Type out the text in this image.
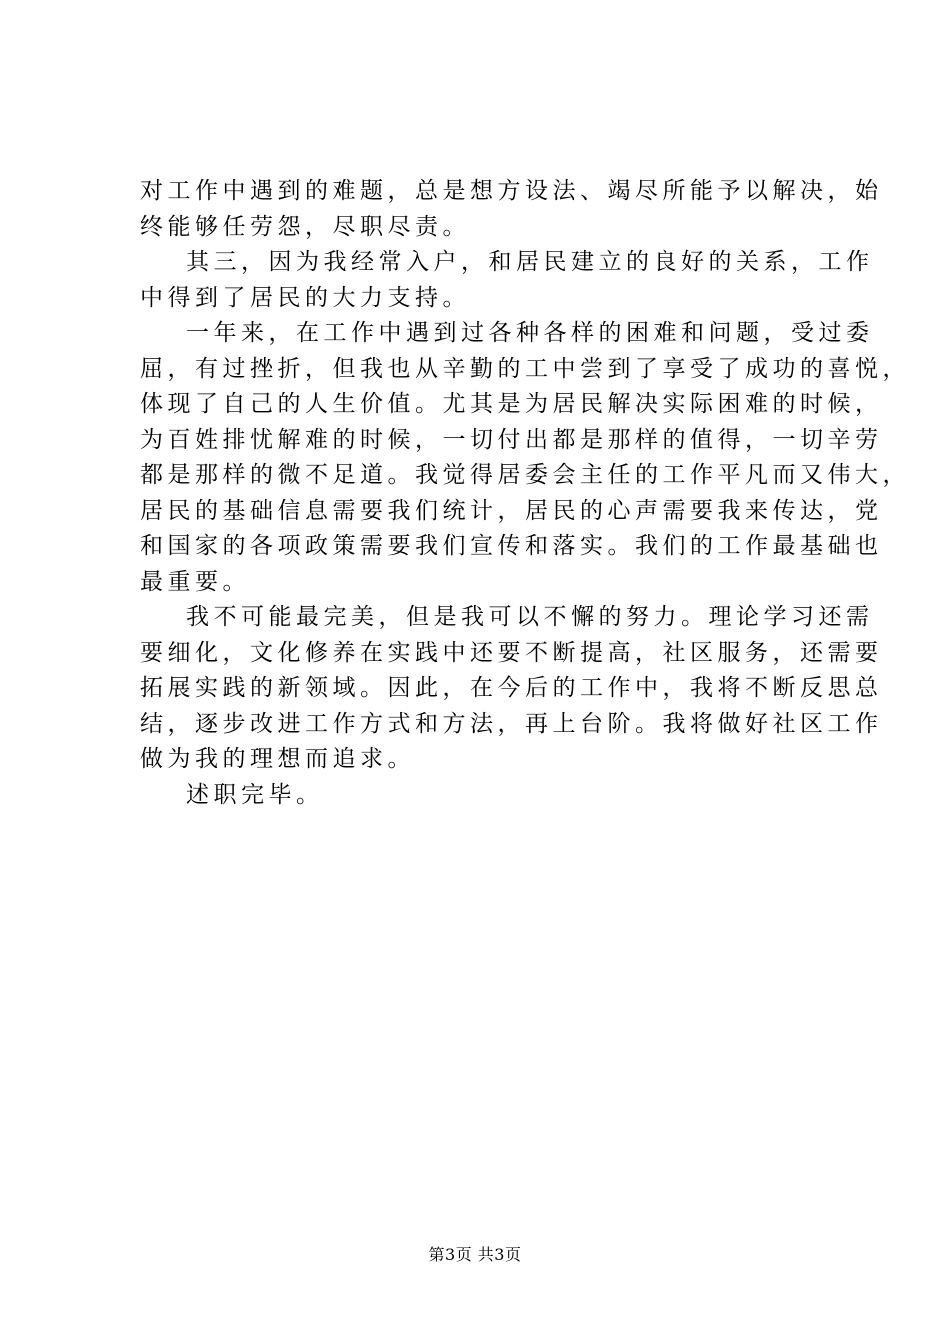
对工作中遇到的难题，总是想方设法、竭尽所能予以解决，始
终能够任劳怨，尽职尽责。
其三，因为我经常入户，和居民建立的良好的关系，工作
中得到了居民的大力支持。
一年来，在工作中遇到过各种各样的困难和问题，受过委
屈，有过挫折，但我也从辛勤的工中尝到了享受了成功的喜悦，
体现了自己的人生价值。尤其是为居民解决实际困难的时候，
为百姓排忧解难的时候，一切付出都是那样的值得，一切辛劳
都是那样的微不足道。我觉得居委会主任的工作平凡而又伟大，
居民的基础信息需要我们统计，居民的心声需要我来传达，党
和国家的各项政策需要我们宣传和落实。我们的工作最基础也
最重要。
我不可能最完美，但是我可以不懈的努力。理论学习还需
要细化，文化修养在实践中还要不断提高，社区服务，还需要
拓展实践的新领域。因此，在今后的工作中，我将不断反思总
结，逐步改进工作方式和方法，再上台阶。我将做好社区工作
做为我的理想而追求。
述职完毕。
第3页 共3页
